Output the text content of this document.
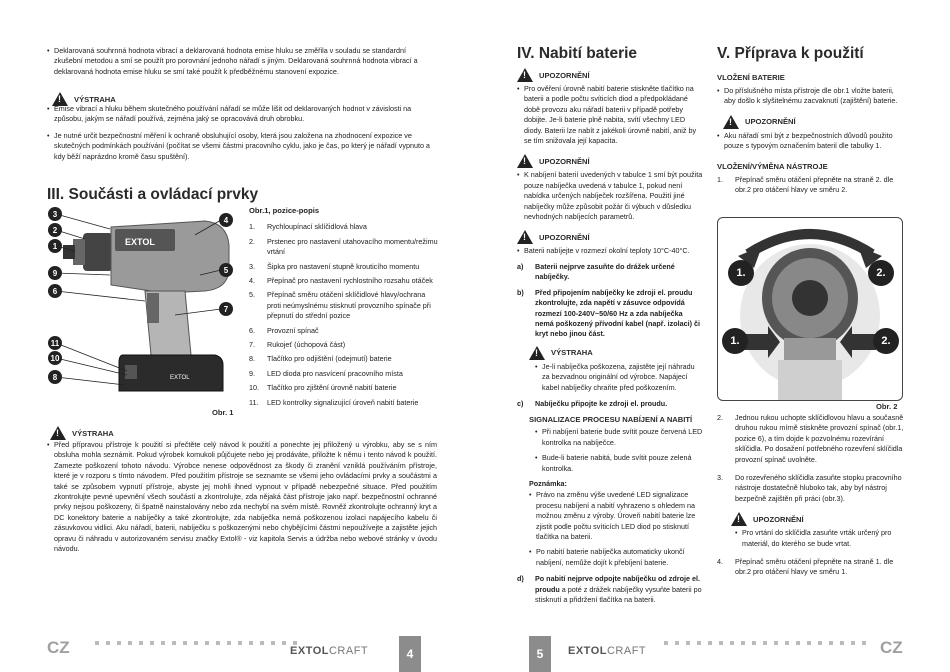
• Deklarovaná souhrnná hodnota vibrací a deklarovaná hodnota emise hluku se změřila v souladu se standardní zkušební metodou a smí se použít pro porovnání jednoho nářadí s jiným. Deklarovaná souhrnná hodnota vibrací a deklarovaná hodnota emise hluku se smí také použít k předběžnému stanovení expozice.

!
VÝSTRAHA

• Emise vibrací a hluku během skutečného používání nářadí se může lišit od deklarovaných hodnot v závislosti na způsobu, jakým se nářadí používá, zejména jaký se opracovává druh obrobku.

• Je nutné určit bezpečnostní měření k ochraně obsluhující osoby, která jsou založena na zhodnocení expozice ve skutečných podmínkách používání (počítat se všemi částmi pracovního cyklu, jako je čas, po který je nářadí vypnuto a kdy běží naprázdno kromě času spuštění).

III. Součásti a ovládací prvky
EXTOL
EXTOL
3
2
1
9
6
11
10
8
4
5
7
Obr. 1
Obr.1, pozice-popis
1.	Rychloupínací sklíčidlová hlava
2.	Prstenec pro nastavení utahovacího momentu/režimu vrtání
3.	Šipka pro nastavení stupně krouticího momentu
4.	Přepínač pro nastavení rychlostního rozsahu otáček
5.	Přepínač směru otáčení sklíčidlové hlavy/ochrana proti neúmyslnému stisknutí provozního spínače při přepnutí do střední pozice
6.	Provozní spínač
7.	Rukojeť (úchopová část)
8.	Tlačítko pro odjištění (odejmutí) baterie
9.	LED dioda pro nasvícení pracovního místa
10. Tlačítko pro zjištění úrovně nabití baterie
11.	LED kontrolky signalizující úroveň nabití baterie
!
VÝSTRAHA

• Před přípravou přístroje k použití si přečtěte celý návod k použití a ponechte jej přiložený u výrobku, aby se s ním obsluha mohla seznámit. Pokud výrobek komukoli půjčujete nebo jej prodáváte, přiložte k němu i tento návod k použití. Zamezte poškození tohoto návodu. Výrobce nenese odpovědnost za škody či zranění vzniklá používáním přístroje, které je v rozporu s tímto návodem. Před použitím přístroje se seznamte se všemi jeho ovládacími prvky a součástmi a také se způsobem vypnutí přístroje, abyste jej mohli ihned vypnout v případě nebezpečné situace. Před použitím zkontrolujte pevné upevnění všech součástí a zkontrolujte, zda nějaká část přístroje jako např. bezpečnostní ochranné prvky nejsou poškozeny, či špatně nainstalovány nebo zda nechybí na svém místě. Rovněž zkontrolujte ochranný kryt a DC konektory baterie a nabíječky a také zkontrolujte, zda nabíječka nemá poškozenou izolaci napájecího kabelu či zásuvkovou vidlici. Aku nářadí, baterii, nabíječku s poškozenými nebo chybějícími částmi nepoužívejte a zajistěte jejich opravu či náhradu v autorizovaném servisu značky Extol® - viz kapitola Servis a údržba nebo webové stránky v úvodu návodu.

CZ	EXTOLCRAFT	4
IV. Nabití baterie
!
UPOZORNĚNÍ

• Pro ověření úrovně nabití baterie stiskněte tlačítko na baterii a podle počtu svíticích diod a předpokládané době provozu aku nářadí baterii v případě potřeby dobijte. Je-li baterie plně nabita, svítí všechny LED diody. Baterii lze nabít z jakékoli úrovně nabití, aniž by se tím snižovala její kapacita.

!
UPOZORNĚNÍ

• K nabíjení baterií uvedených v tabulce 1 smí být použita pouze nabíječka uvedená v tabulce 1, pokud není nabídka určených nabíječek rozšířena. Použití jiné nabíječky může způsobit požár či výbuch v důsledku nevhodných nabíjecích parametrů.

!
UPOZORNĚNÍ

• Baterii nabíjejte v rozmezí okolní teploty 10°C-40°C.

a)	Baterii nejprve zasuňte do drážek určené nabíječky.
b)	Před připojením nabíječky ke zdroji el. proudu zkontrolujte, zda napětí v zásuvce odpovídá rozmezí 100-240V~50/60 Hz a zda nabíječka nemá poškozený přívodní kabel (např. izolaci) či kryt nebo jinou část.
!
VÝSTRAHA

• Je-li nabíječka poškozena, zajistěte její náhradu za bezvadnou originální od výrobce. Napájecí kabel nabíječky chraňte před poškozením.

c)	Nabíječku připojte ke zdroji el. proudu.
SIGNALIZACE PROCESU NABÍJENÍ A NABITÍ

• Při nabíjení baterie bude svítit pouze červená LED kontrolka na nabíječce.

• Bude-li baterie nabitá, bude svítit pouze zelená kontrolka.

Poznámka:

• Právo na změnu výše uvedené LED signalizace procesu nabíjení a nabití vyhrazeno s ohledem na možnou změnu z výroby. Úroveň nabití baterie lze zjistit podle počtu svíticích LED diod po stisknutí tlačítka na baterii.

• Po nabití baterie nabíječka automaticky ukončí nabíjení, nemůže dojít k přebíjení baterie.

d)	Po nabití nejprve odpojte nabíječku od zdroje el. proudu a poté z drážek nabíječky vysuňte baterii po stisknutí a přidržení tlačítka na baterii.
V. Příprava k použití
VLOŽENÍ BATERIE

• Do příslušného místa přístroje dle obr.1 vložte baterii, aby došlo k slyšitelnému zacvaknutí (zajištění) baterie.

!
UPOZORNĚNÍ

• Aku nářadí smí být z bezpečnostních důvodů použito pouze s typovým označením baterií dle tabulky 1.

VLOŽENÍ/VÝMĚNA NÁSTROJE
1.	Přepínač směru otáčení přepněte na straně 2. dle obr.2 pro otáčení hlavy ve směru 2.
1.	2.
1.	2.
Obr. 2
2.	Jednou rukou uchopte sklíčidlovou hlavu a současně druhou rukou mírně stiskněte provozní spínač (obr.1, pozice 6), a tím dojde k pozvolnému rozevírání sklíčidla. Po dosažení potřebného rozevření sklíčidla provozní spínač uvolněte.
3.	Do rozevřeného sklíčidla zasuňte stopku pracovního nástroje dostatečně hluboko tak, aby byl nástroj bezpečně zajištěn při práci (obr.3).
!
UPOZORNĚNÍ

• Pro vrtání do sklíčidla zasuňte vrták určený pro materiál, do kterého se bude vrtat.

4.	Přepínač směru otáčení přepněte na straně 1. dle obr.2 pro otáčení hlavy ve směru 1.
5	EXTOLCRAFT	CZ
